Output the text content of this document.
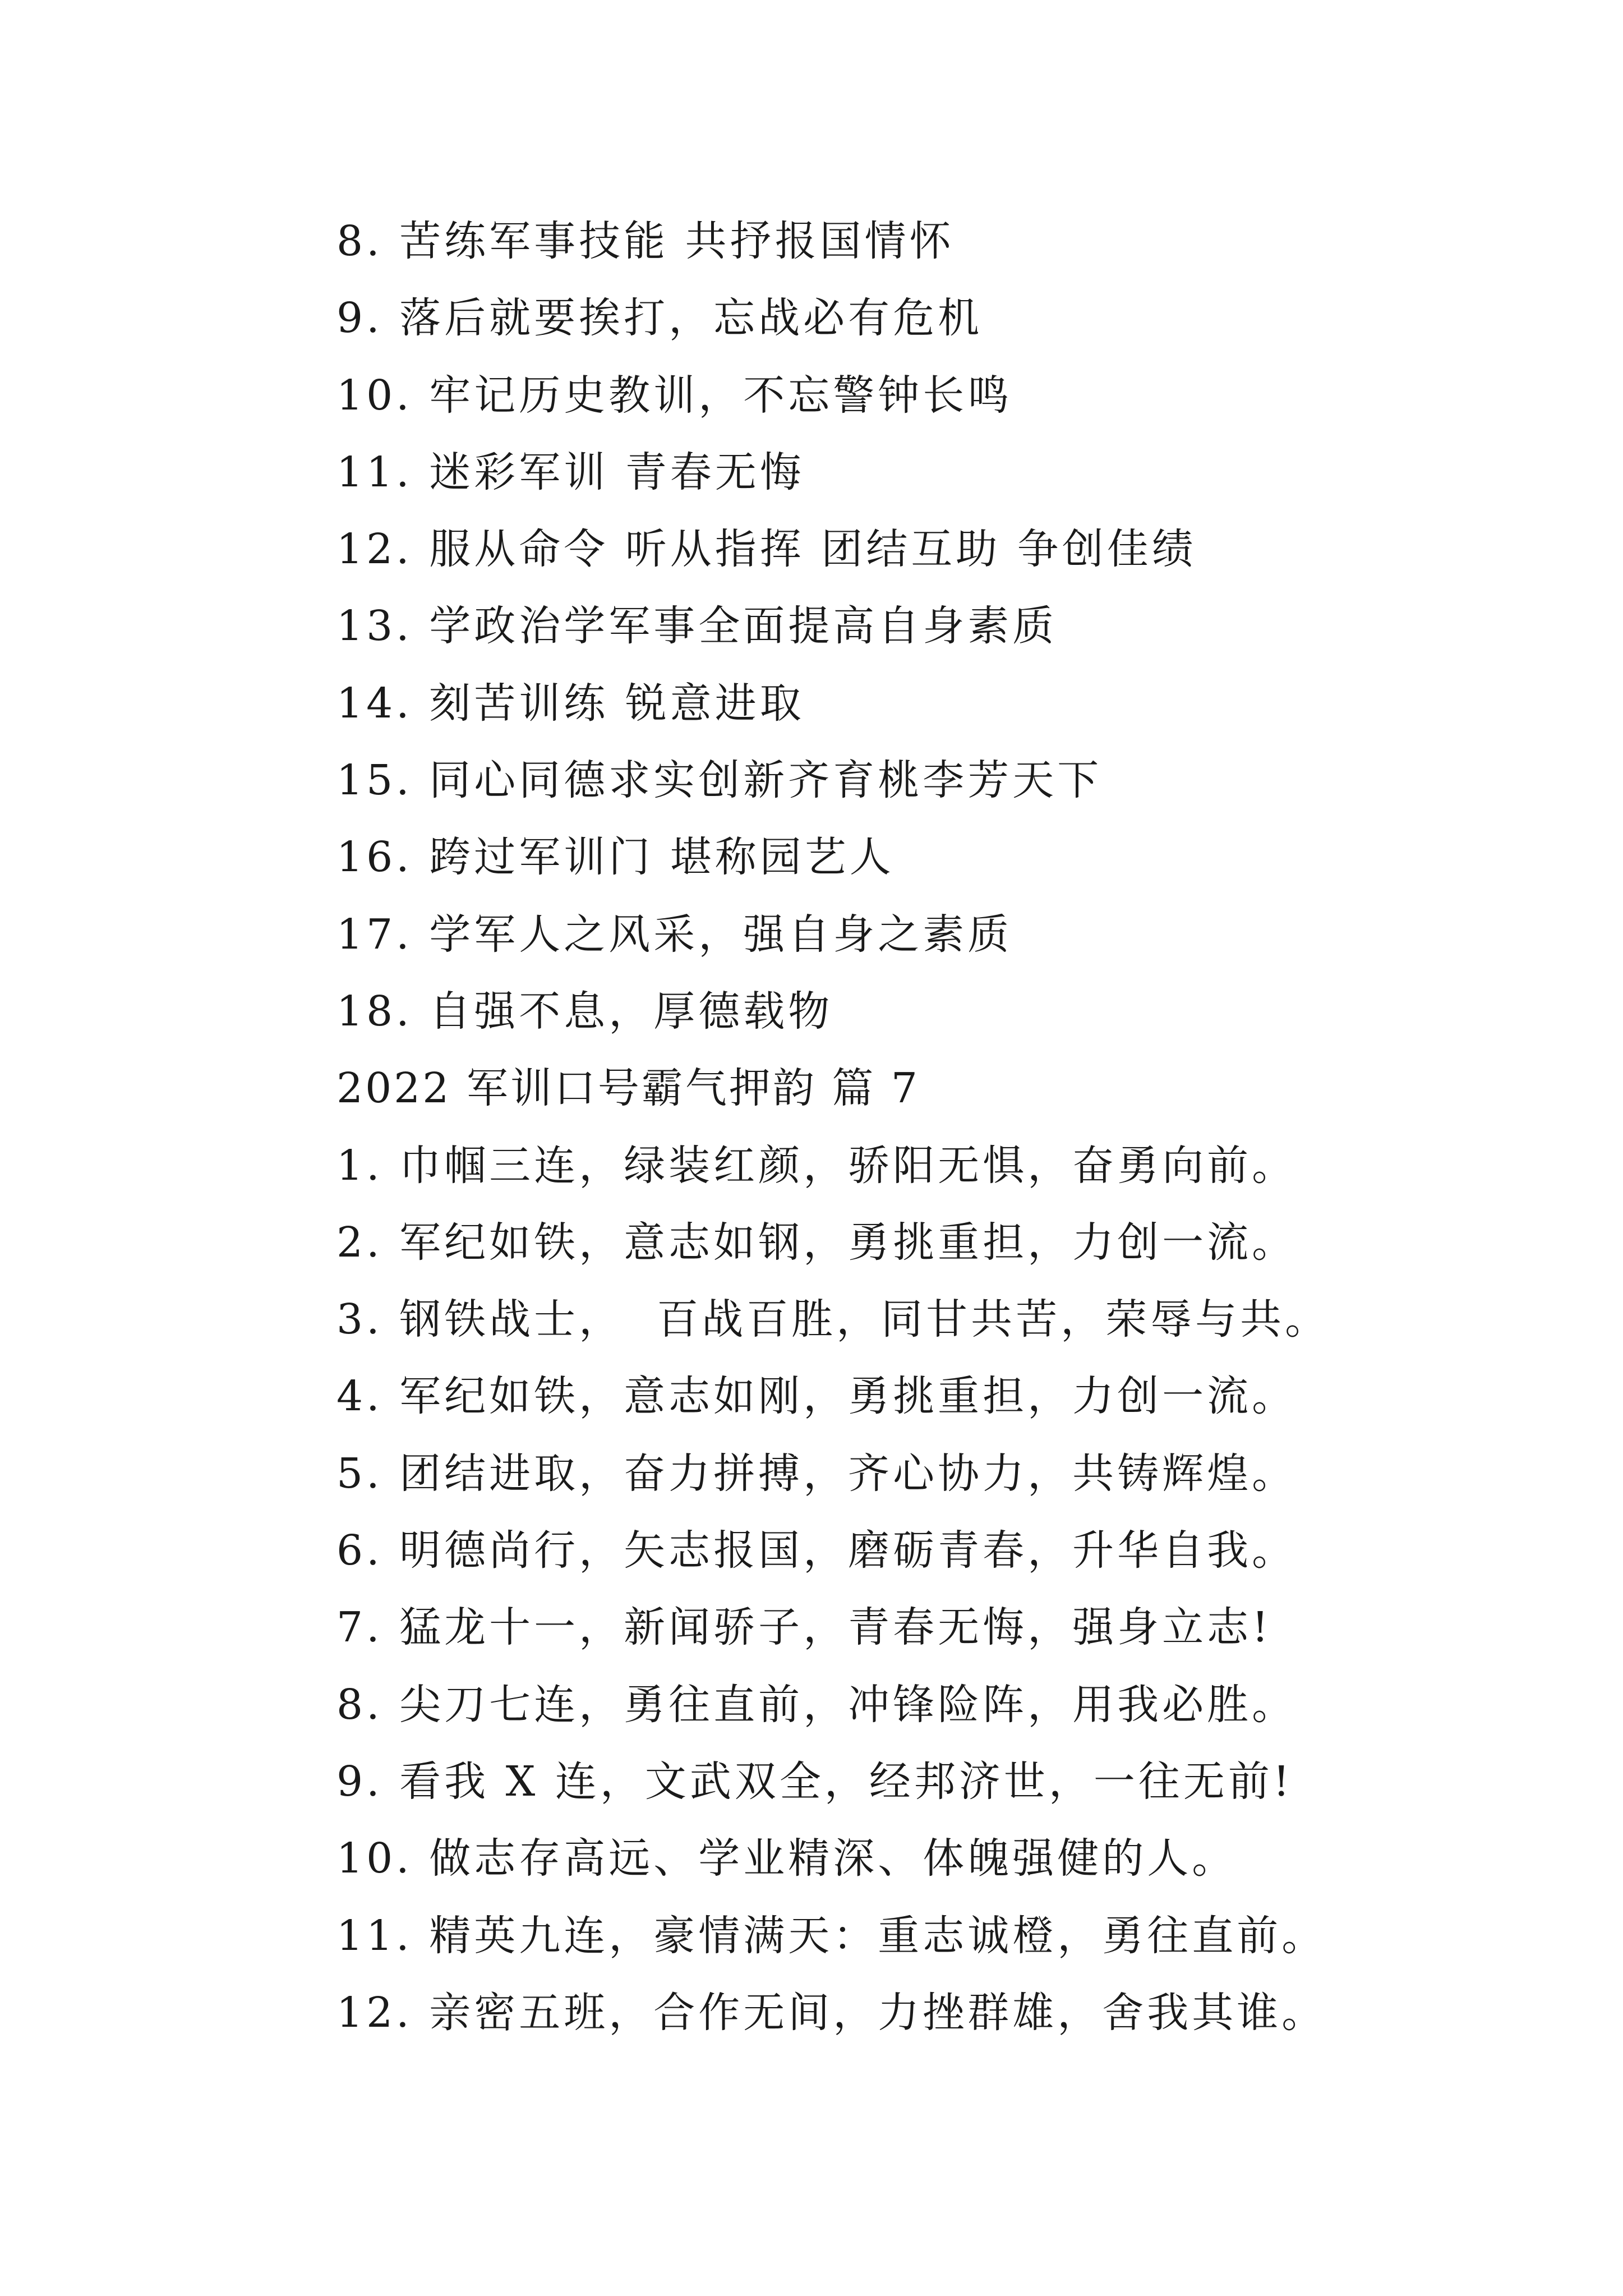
8. 苦练军事技能 共抒报国情怀
9. 落后就要挨打，忘战必有危机
10. 牢记历史教训，不忘警钟长鸣
11. 迷彩军训 青春无悔
12. 服从命令 听从指挥 团结互助 争创佳绩
13. 学政治学军事全面提高自身素质
14. 刻苦训练 锐意进取
15. 同心同德求实创新齐育桃李芳天下
16. 跨过军训门 堪称园艺人
17. 学军人之风采，强自身之素质
18. 自强不息，厚德载物
2022 军训口号霸气押韵 篇 7
1. 巾帼三连，绿装红颜，骄阳无惧，奋勇向前。
2. 军纪如铁，意志如钢，勇挑重担，力创一流。
3. 钢铁战士，  百战百胜，同甘共苦，荣辱与共。
4. 军纪如铁，意志如刚，勇挑重担，力创一流。
5. 团结进取，奋力拼搏，齐心协力，共铸辉煌。
6. 明德尚行，矢志报国，磨砺青春，升华自我。
7. 猛龙十一，新闻骄子，青春无悔，强身立志!
8. 尖刀七连，勇往直前，冲锋险阵，用我必胜。
9. 看我 X 连，文武双全，经邦济世，一往无前!
10. 做志存高远、学业精深、体魄强健的人。
11. 精英九连，豪情满天：重志诚橙，勇往直前。
12. 亲密五班，合作无间，力挫群雄，舍我其谁。
